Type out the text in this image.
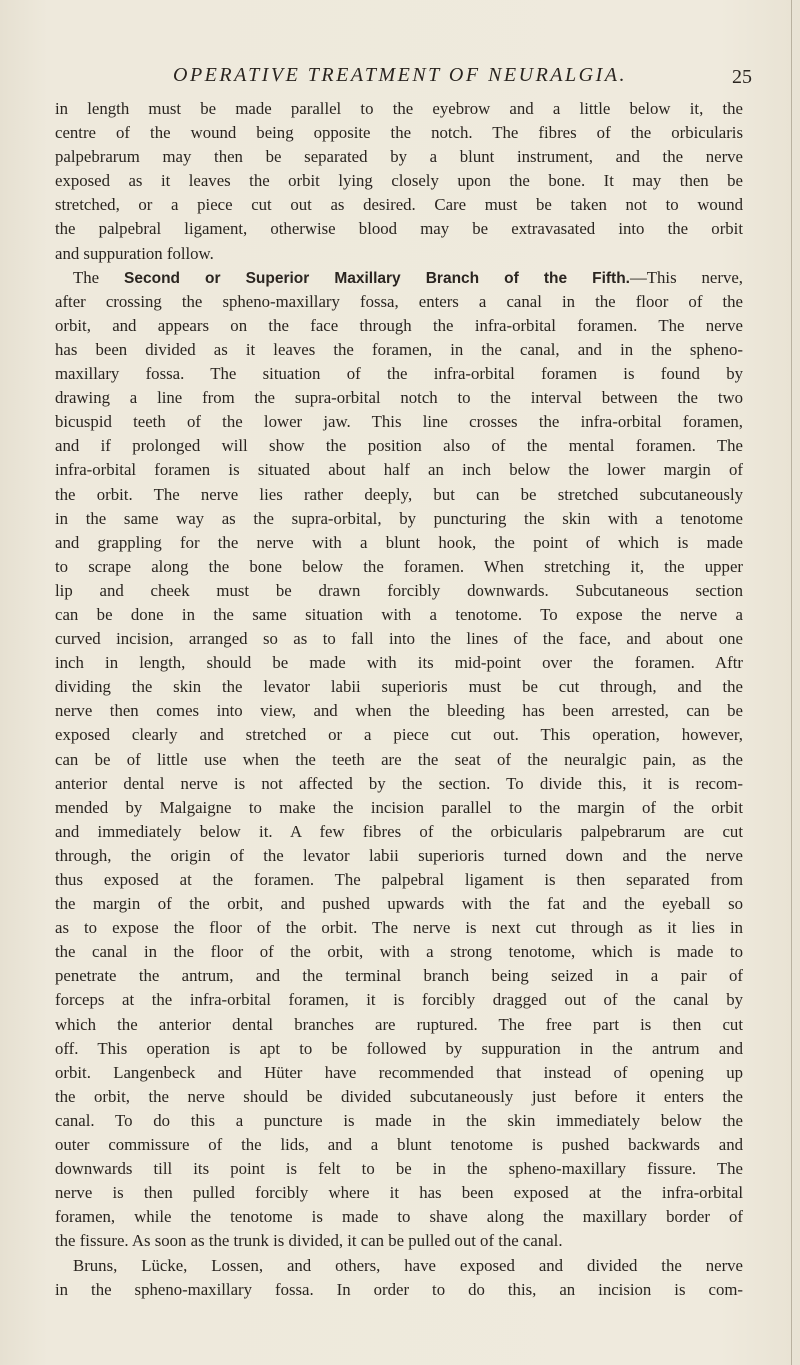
OPERATIVE TREATMENT OF NEURALGIA.	25
in length must be made parallel to the eyebrow and a little below it, the
centre of the wound being opposite the notch. The fibres of the orbicularis
palpebrarum may then be separated by a blunt instrument, and the nerve
exposed as it leaves the orbit lying closely upon the bone. It may then be
stretched, or a piece cut out as desired. Care must be taken not to wound
the palpebral ligament, otherwise blood may be extravasated into the orbit
and suppuration follow.
The Second or Superior Maxillary Branch of the Fifth.—This nerve,
after crossing the spheno-maxillary fossa, enters a canal in the floor of the
orbit, and appears on the face through the infra-orbital foramen. The nerve
has been divided as it leaves the foramen, in the canal, and in the spheno-
maxillary fossa. The situation of the infra-orbital foramen is found by
drawing a line from the supra-orbital notch to the interval between the two
bicuspid teeth of the lower jaw. This line crosses the infra-orbital foramen,
and if prolonged will show the position also of the mental foramen. The
infra-orbital foramen is situated about half an inch below the lower margin of
the orbit. The nerve lies rather deeply, but can be stretched subcutaneously
in the same way as the supra-orbital, by puncturing the skin with a tenotome
and grappling for the nerve with a blunt hook, the point of which is made
to scrape along the bone below the foramen. When stretching it, the upper
lip and cheek must be drawn forcibly downwards. Subcutaneous section
can be done in the same situation with a tenotome. To expose the nerve a
curved incision, arranged so as to fall into the lines of the face, and about one
inch in length, should be made with its mid-point over the foramen. Aftr
dividing the skin the levator labii superioris must be cut through, and the
nerve then comes into view, and when the bleeding has been arrested, can be
exposed clearly and stretched or a piece cut out. This operation, however,
can be of little use when the teeth are the seat of the neuralgic pain, as the
anterior dental nerve is not affected by the section. To divide this, it is recom-
mended by Malgaigne to make the incision parallel to the margin of the orbit
and immediately below it. A few fibres of the orbicularis palpebrarum are cut
through, the origin of the levator labii superioris turned down and the nerve
thus exposed at the foramen. The palpebral ligament is then separated from
the margin of the orbit, and pushed upwards with the fat and the eyeball so
as to expose the floor of the orbit. The nerve is next cut through as it lies in
the canal in the floor of the orbit, with a strong tenotome, which is made to
penetrate the antrum, and the terminal branch being seized in a pair of
forceps at the infra-orbital foramen, it is forcibly dragged out of the canal by
which the anterior dental branches are ruptured. The free part is then cut
off. This operation is apt to be followed by suppuration in the antrum and
orbit. Langenbeck and Hüter have recommended that instead of opening up
the orbit, the nerve should be divided subcutaneously just before it enters the
canal. To do this a puncture is made in the skin immediately below the
outer commissure of the lids, and a blunt tenotome is pushed backwards and
downwards till its point is felt to be in the spheno-maxillary fissure. The
nerve is then pulled forcibly where it has been exposed at the infra-orbital
foramen, while the tenotome is made to shave along the maxillary border of
the fissure. As soon as the trunk is divided, it can be pulled out of the canal.
Bruns, Lücke, Lossen, and others, have exposed and divided the nerve
in the spheno-maxillary fossa. In order to do this, an incision is com-
